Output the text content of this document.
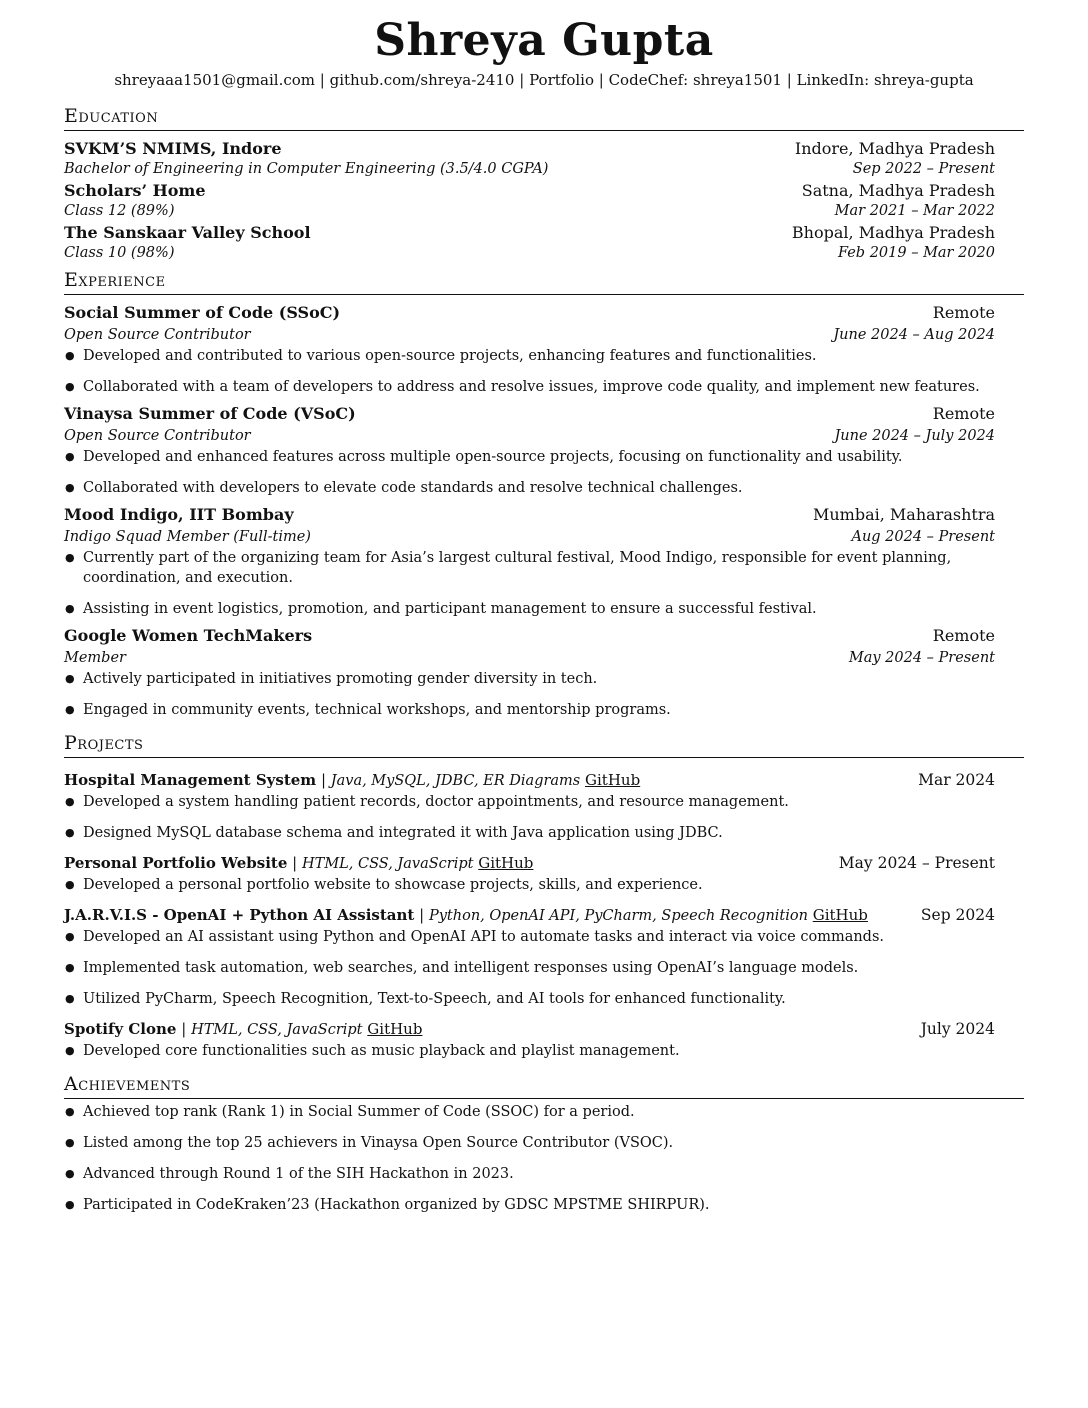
Shreya Gupta
shreyaaa1501@gmail.com | github.com/shreya-2410 | Portfolio | CodeChef: shreya1501 | LinkedIn: shreya-gupta
Education
SVKM’S NMIMS, Indore	Indore, Madhya Pradesh
Bachelor of Engineering in Computer Engineering (3.5/4.0 CGPA)	Sep 2022 – Present
Scholars’ Home	Satna, Madhya Pradesh
Class 12 (89%)	Mar 2021 – Mar 2022
The Sanskaar Valley School	Bhopal, Madhya Pradesh
Class 10 (98%)	Feb 2019 – Mar 2020
Experience
Social Summer of Code (SSoC)	Remote
Open Source Contributor	June 2024 – Aug 2024
● Developed and contributed to various open-source projects, enhancing features and functionalities.
● Collaborated with a team of developers to address and resolve issues, improve code quality, and implement new features.
Vinaysa Summer of Code (VSoC)	Remote
Open Source Contributor	June 2024 – July 2024
● Developed and enhanced features across multiple open-source projects, focusing on functionality and usability.
● Collaborated with developers to elevate code standards and resolve technical challenges.
Mood Indigo, IIT Bombay	Mumbai, Maharashtra
Indigo Squad Member (Full-time)	Aug 2024 – Present
● Currently part of the organizing team for Asia’s largest cultural festival, Mood Indigo, responsible for event planning, coordination, and execution.
● Assisting in event logistics, promotion, and participant management to ensure a successful festival.
Google Women TechMakers	Remote
Member	May 2024 – Present
● Actively participated in initiatives promoting gender diversity in tech.
● Engaged in community events, technical workshops, and mentorship programs.
Projects
Hospital Management System | Java, MySQL, JDBC, ER Diagrams GitHub	Mar 2024
● Developed a system handling patient records, doctor appointments, and resource management.
● Designed MySQL database schema and integrated it with Java application using JDBC.
Personal Portfolio Website | HTML, CSS, JavaScript GitHub	May 2024 – Present
● Developed a personal portfolio website to showcase projects, skills, and experience.
J.A.R.V.I.S - OpenAI + Python AI Assistant | Python, OpenAI API, PyCharm, Speech Recognition GitHub	Sep 2024
● Developed an AI assistant using Python and OpenAI API to automate tasks and interact via voice commands.
● Implemented task automation, web searches, and intelligent responses using OpenAI’s language models.
● Utilized PyCharm, Speech Recognition, Text-to-Speech, and AI tools for enhanced functionality.
Spotify Clone | HTML, CSS, JavaScript GitHub	July 2024
● Developed core functionalities such as music playback and playlist management.
Achievements
● Achieved top rank (Rank 1) in Social Summer of Code (SSOC) for a period.
● Listed among the top 25 achievers in Vinaysa Open Source Contributor (VSOC).
● Advanced through Round 1 of the SIH Hackathon in 2023.
● Participated in CodeKraken’23 (Hackathon organized by GDSC MPSTME SHIRPUR).
